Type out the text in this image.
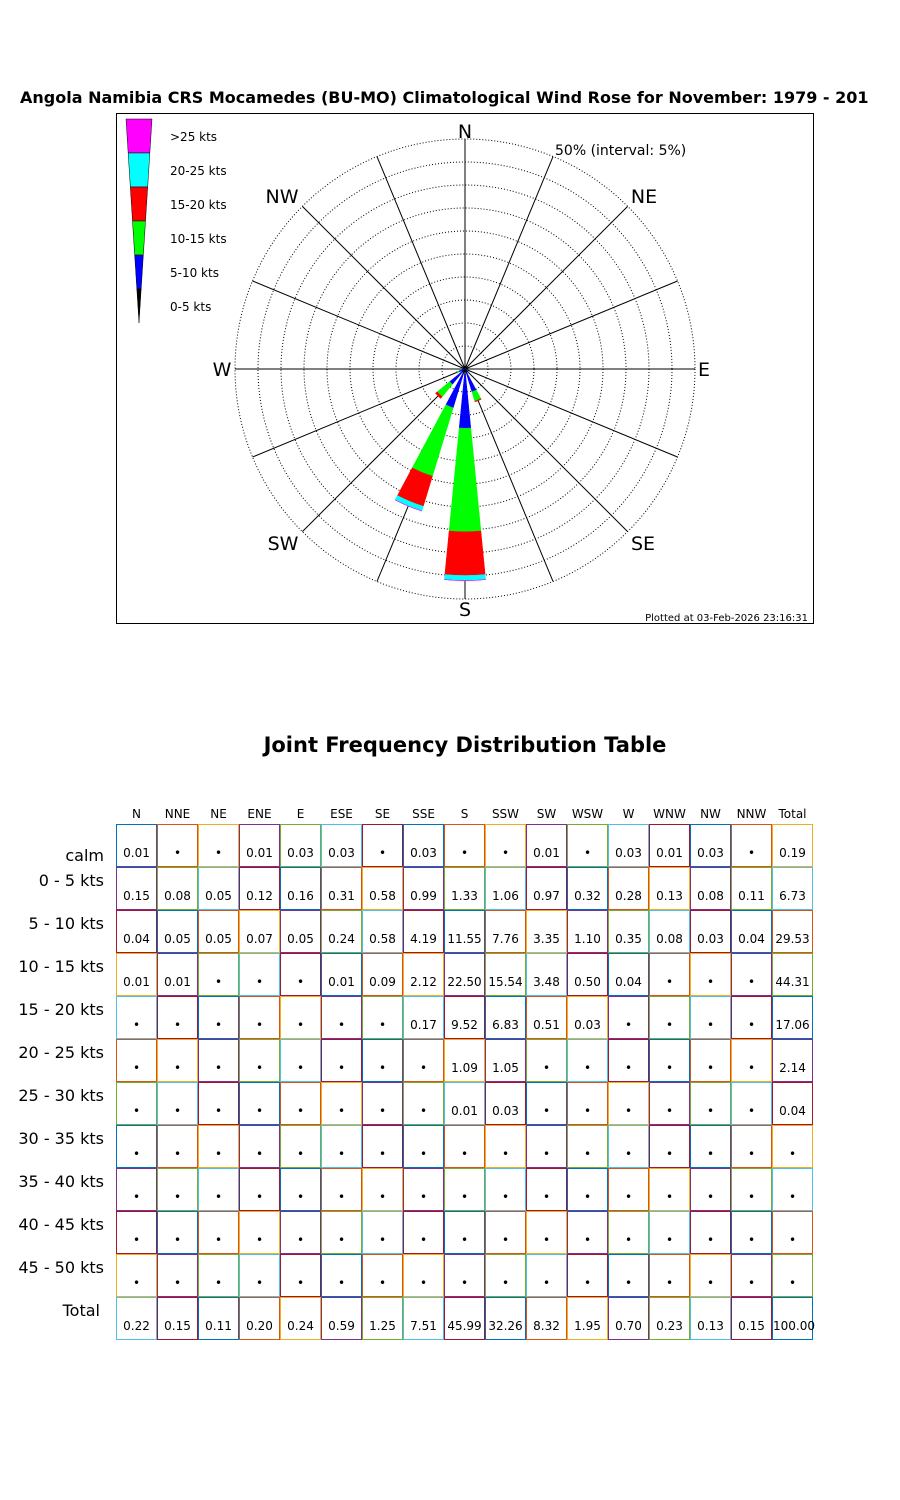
Angola Namibia CRS Mocamedes (BU-MO) Climatological Wind Rose for November: 1979 - 201
N
NE
E
SE
S
SW
W
NW
50% (interval: 5%)
Plotted at 03-Feb-2026 23:16:31
>25 kts
20-25 kts
15-20 kts
10-15 kts
5-10 kts
0-5 kts
Joint Frequency Distribution Table
N	NNE	NE	ENE	E	ESE	SE	SSE	S	SSW	SW	WSW	W	WNW	NW	NNW	Total
calm	0.01	•	•	0.01	0.03	0.03	•	0.03	•	•	0.01	•	0.03	0.01	0.03	•	0.19
0 - 5 kts
0.15	0.08	0.05	0.12	0.16	0.31	0.58	0.99	1.33	1.06	0.97	0.32	0.28	0.13	0.08	0.11	6.73
5 - 10 kts
0.04	0.05	0.05	0.07	0.05	0.24	0.58	4.19 11.55 7.76	3.35	1.10	0.35	0.08	0.03	0.04 29.53
10 - 15 kts
0.01	0.01	•	•	•	0.01	0.09	2.12 22.50 15.54 3.48	0.50	0.04	•	•	•	44.31
15 - 20 kts
•	•	•	•	•	•	•	0.17	9.52	6.83	0.51	0.03	•	•	•	•	17.06
20 - 25 kts
•	•	•	•	•	•	•	•	1.09	1.05	•	•	•	•	•	•	2.14
25 - 30 kts
•	•	•	•	•	•	•	•	0.01	0.03	•	•	•	•	•	•	0.04
30 - 35 kts
•	•	•	•	•	•	•	•	•	•	•	•	•	•	•	•	•
35 - 40 kts
•	•	•	•	•	•	•	•	•	•	•	•	•	•	•	•	•
40 - 45 kts
•	•	•	•	•	•	•	•	•	•	•	•	•	•	•	•	•
45 - 50 kts
•	•	•	•	•	•	•	•	•	•	•	•	•	•	•	•	•
Total
0.22	0.15	0.11	0.20	0.24	0.59	1.25	7.51 45.99 32.26 8.32	1.95	0.70	0.23	0.13	0.15 100.00
